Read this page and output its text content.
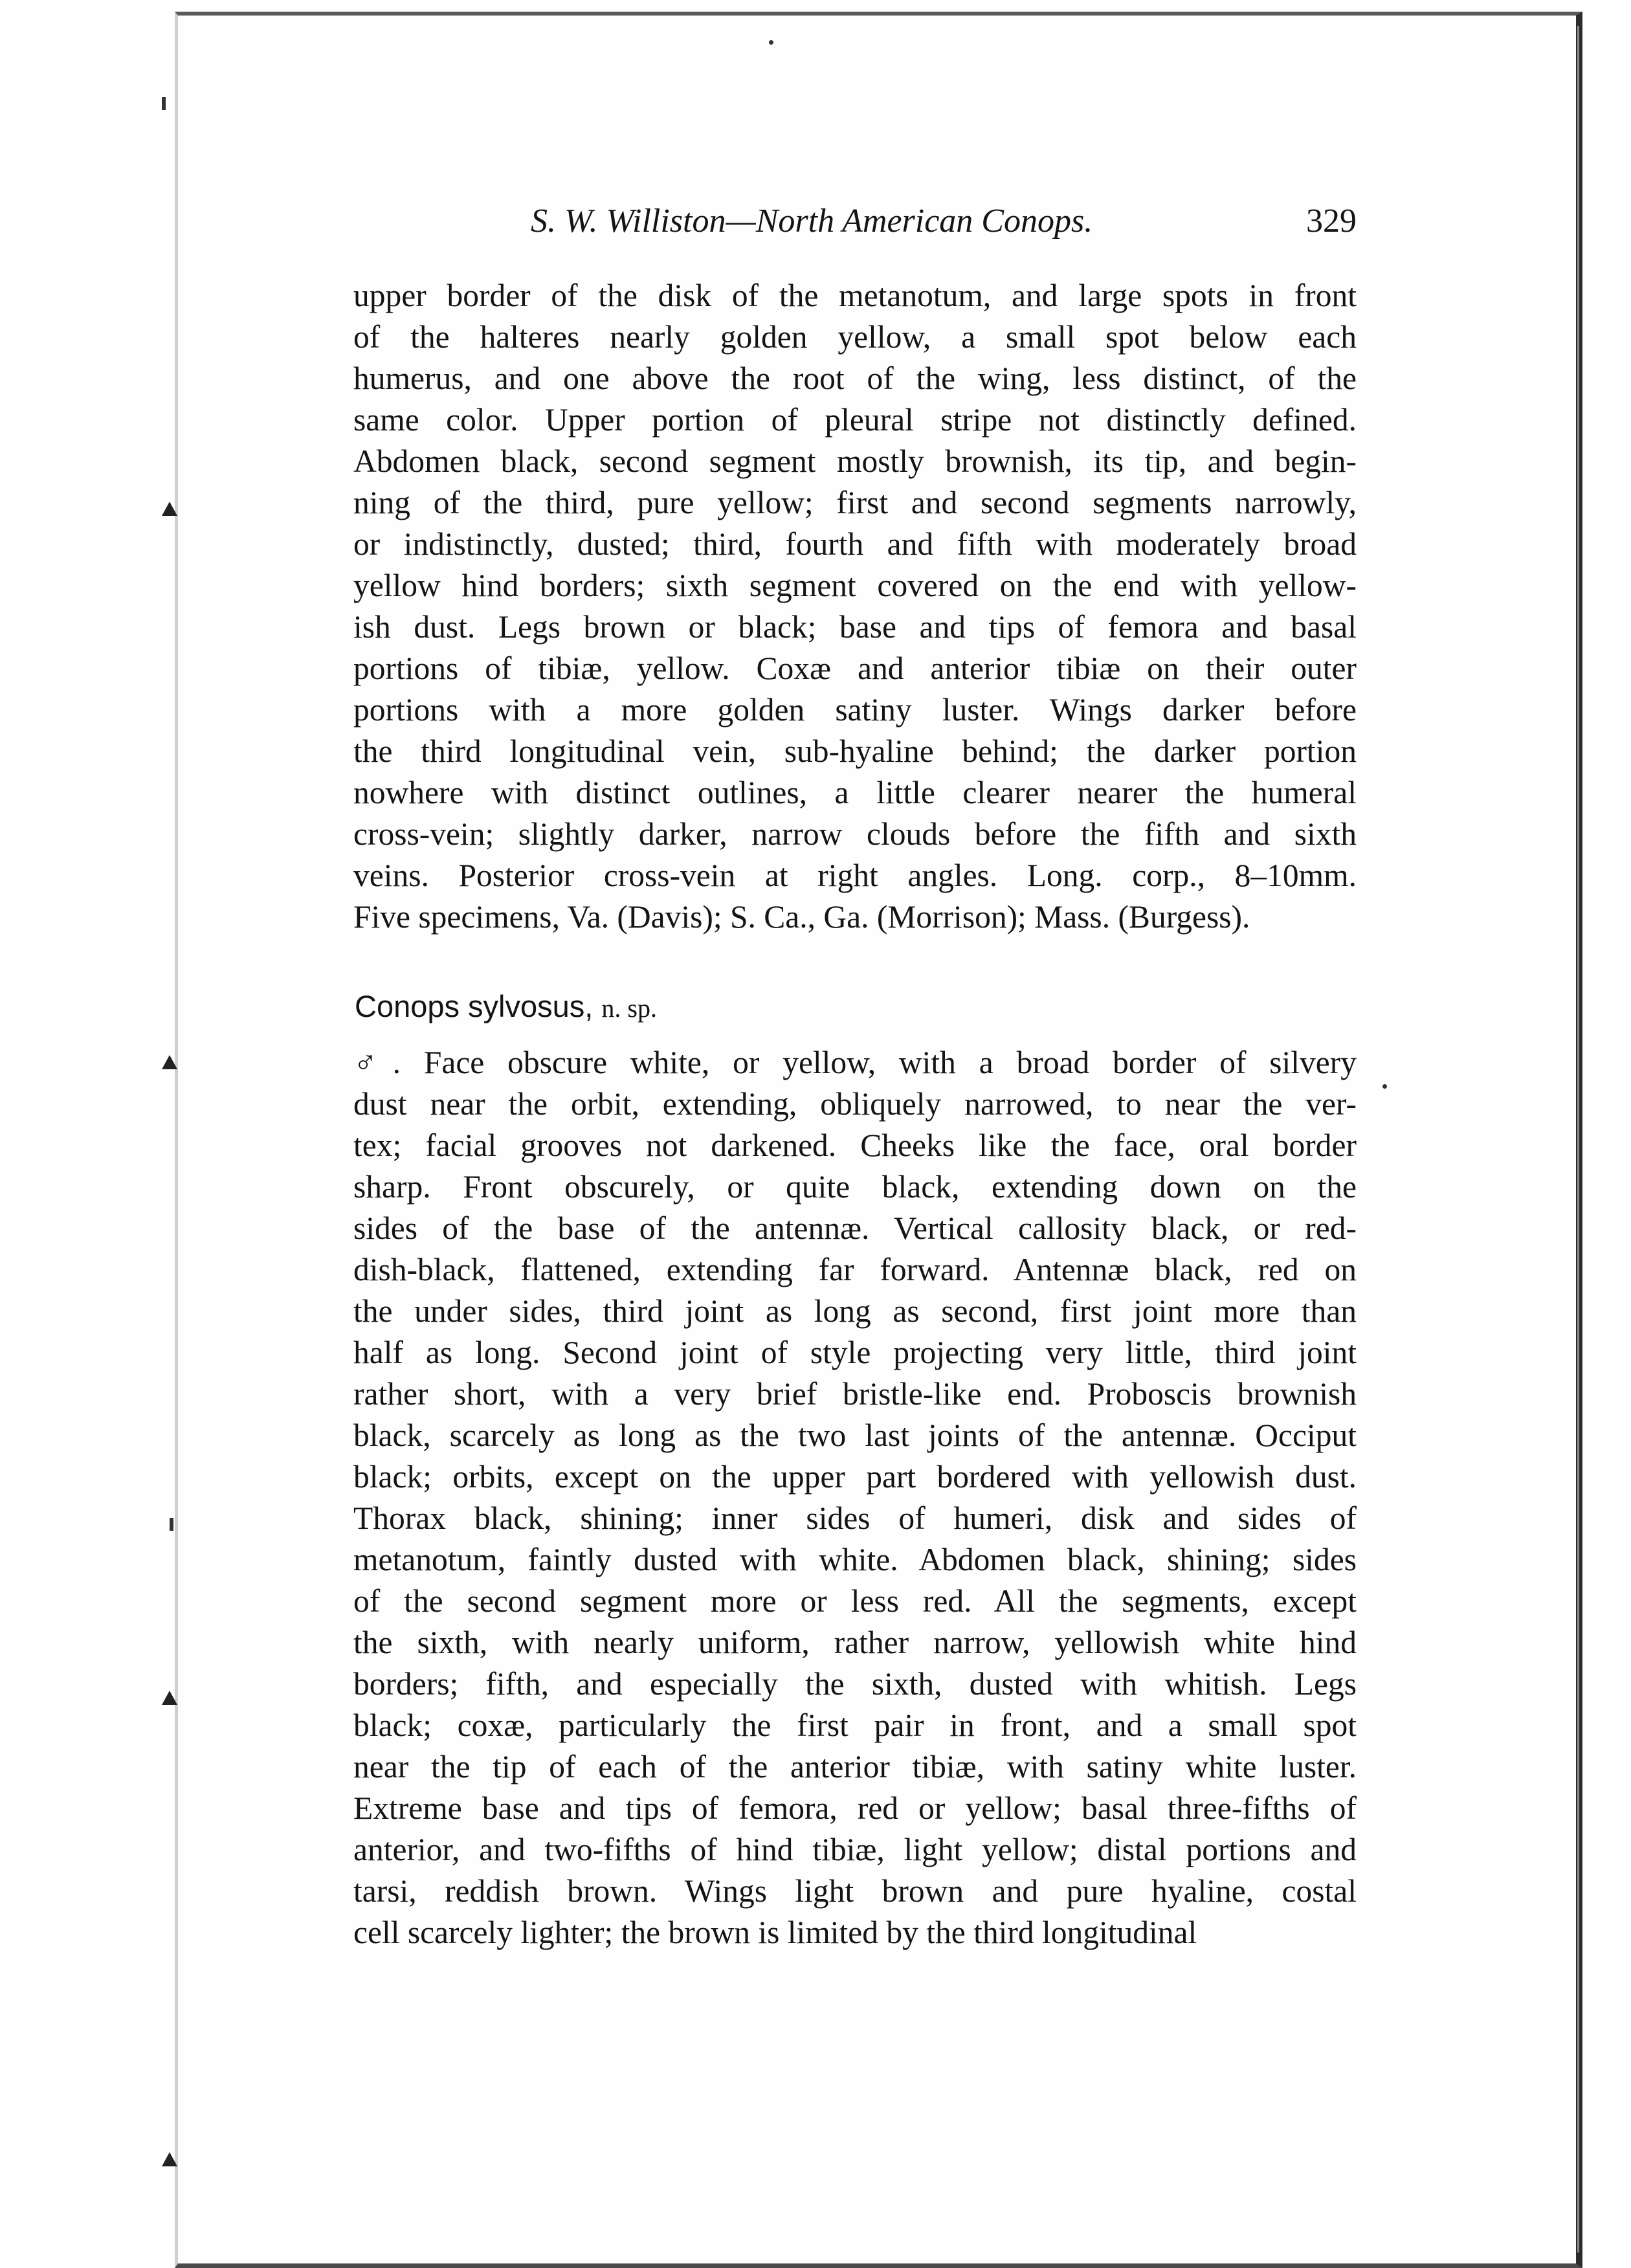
S. W. Williston—North American Conops.	329
upper border of the disk of the metanotum, and large spots in front
of the halteres nearly golden yellow, a small spot below each
humerus, and one above the root of the wing, less distinct, of the
same color. Upper portion of pleural stripe not distinctly defined.
Abdomen black, second segment mostly brownish, its tip, and begin-
ning of the third, pure yellow; first and second segments narrowly,
or indistinctly, dusted; third, fourth and fifth with moderately broad
yellow hind borders; sixth segment covered on the end with yellow-
ish dust. Legs brown or black; base and tips of femora and basal
portions of tibiæ, yellow. Coxæ and anterior tibiæ on their outer
portions with a more golden satiny luster. Wings darker before
the third longitudinal vein, sub-hyaline behind; the darker portion
nowhere with distinct outlines, a little clearer nearer the humeral
cross-vein; slightly darker, narrow clouds before the fifth and sixth
veins. Posterior cross-vein at right angles. Long. corp., 8–10mm.
Five specimens, Va. (Davis); S. Ca., Ga. (Morrison); Mass. (Burgess).
Conops sylvosus, n. sp.
♂. Face obscure white, or yellow, with a broad border of silvery
dust near the orbit, extending, obliquely narrowed, to near the ver-
tex; facial grooves not darkened. Cheeks like the face, oral border
sharp. Front obscurely, or quite black, extending down on the
sides of the base of the antennæ. Vertical callosity black, or red-
dish-black, flattened, extending far forward. Antennæ black, red on
the under sides, third joint as long as second, first joint more than
half as long. Second joint of style projecting very little, third joint
rather short, with a very brief bristle-like end. Proboscis brownish
black, scarcely as long as the two last joints of the antennæ. Occiput
black; orbits, except on the upper part bordered with yellowish dust.
Thorax black, shining; inner sides of humeri, disk and sides of
metanotum, faintly dusted with white. Abdomen black, shining; sides
of the second segment more or less red. All the segments, except
the sixth, with nearly uniform, rather narrow, yellowish white hind
borders; fifth, and especially the sixth, dusted with whitish. Legs
black; coxæ, particularly the first pair in front, and a small spot
near the tip of each of the anterior tibiæ, with satiny white luster.
Extreme base and tips of femora, red or yellow; basal three-fifths of
anterior, and two-fifths of hind tibiæ, light yellow; distal portions and
tarsi, reddish brown. Wings light brown and pure hyaline, costal
cell scarcely lighter; the brown is limited by the third longitudinal
